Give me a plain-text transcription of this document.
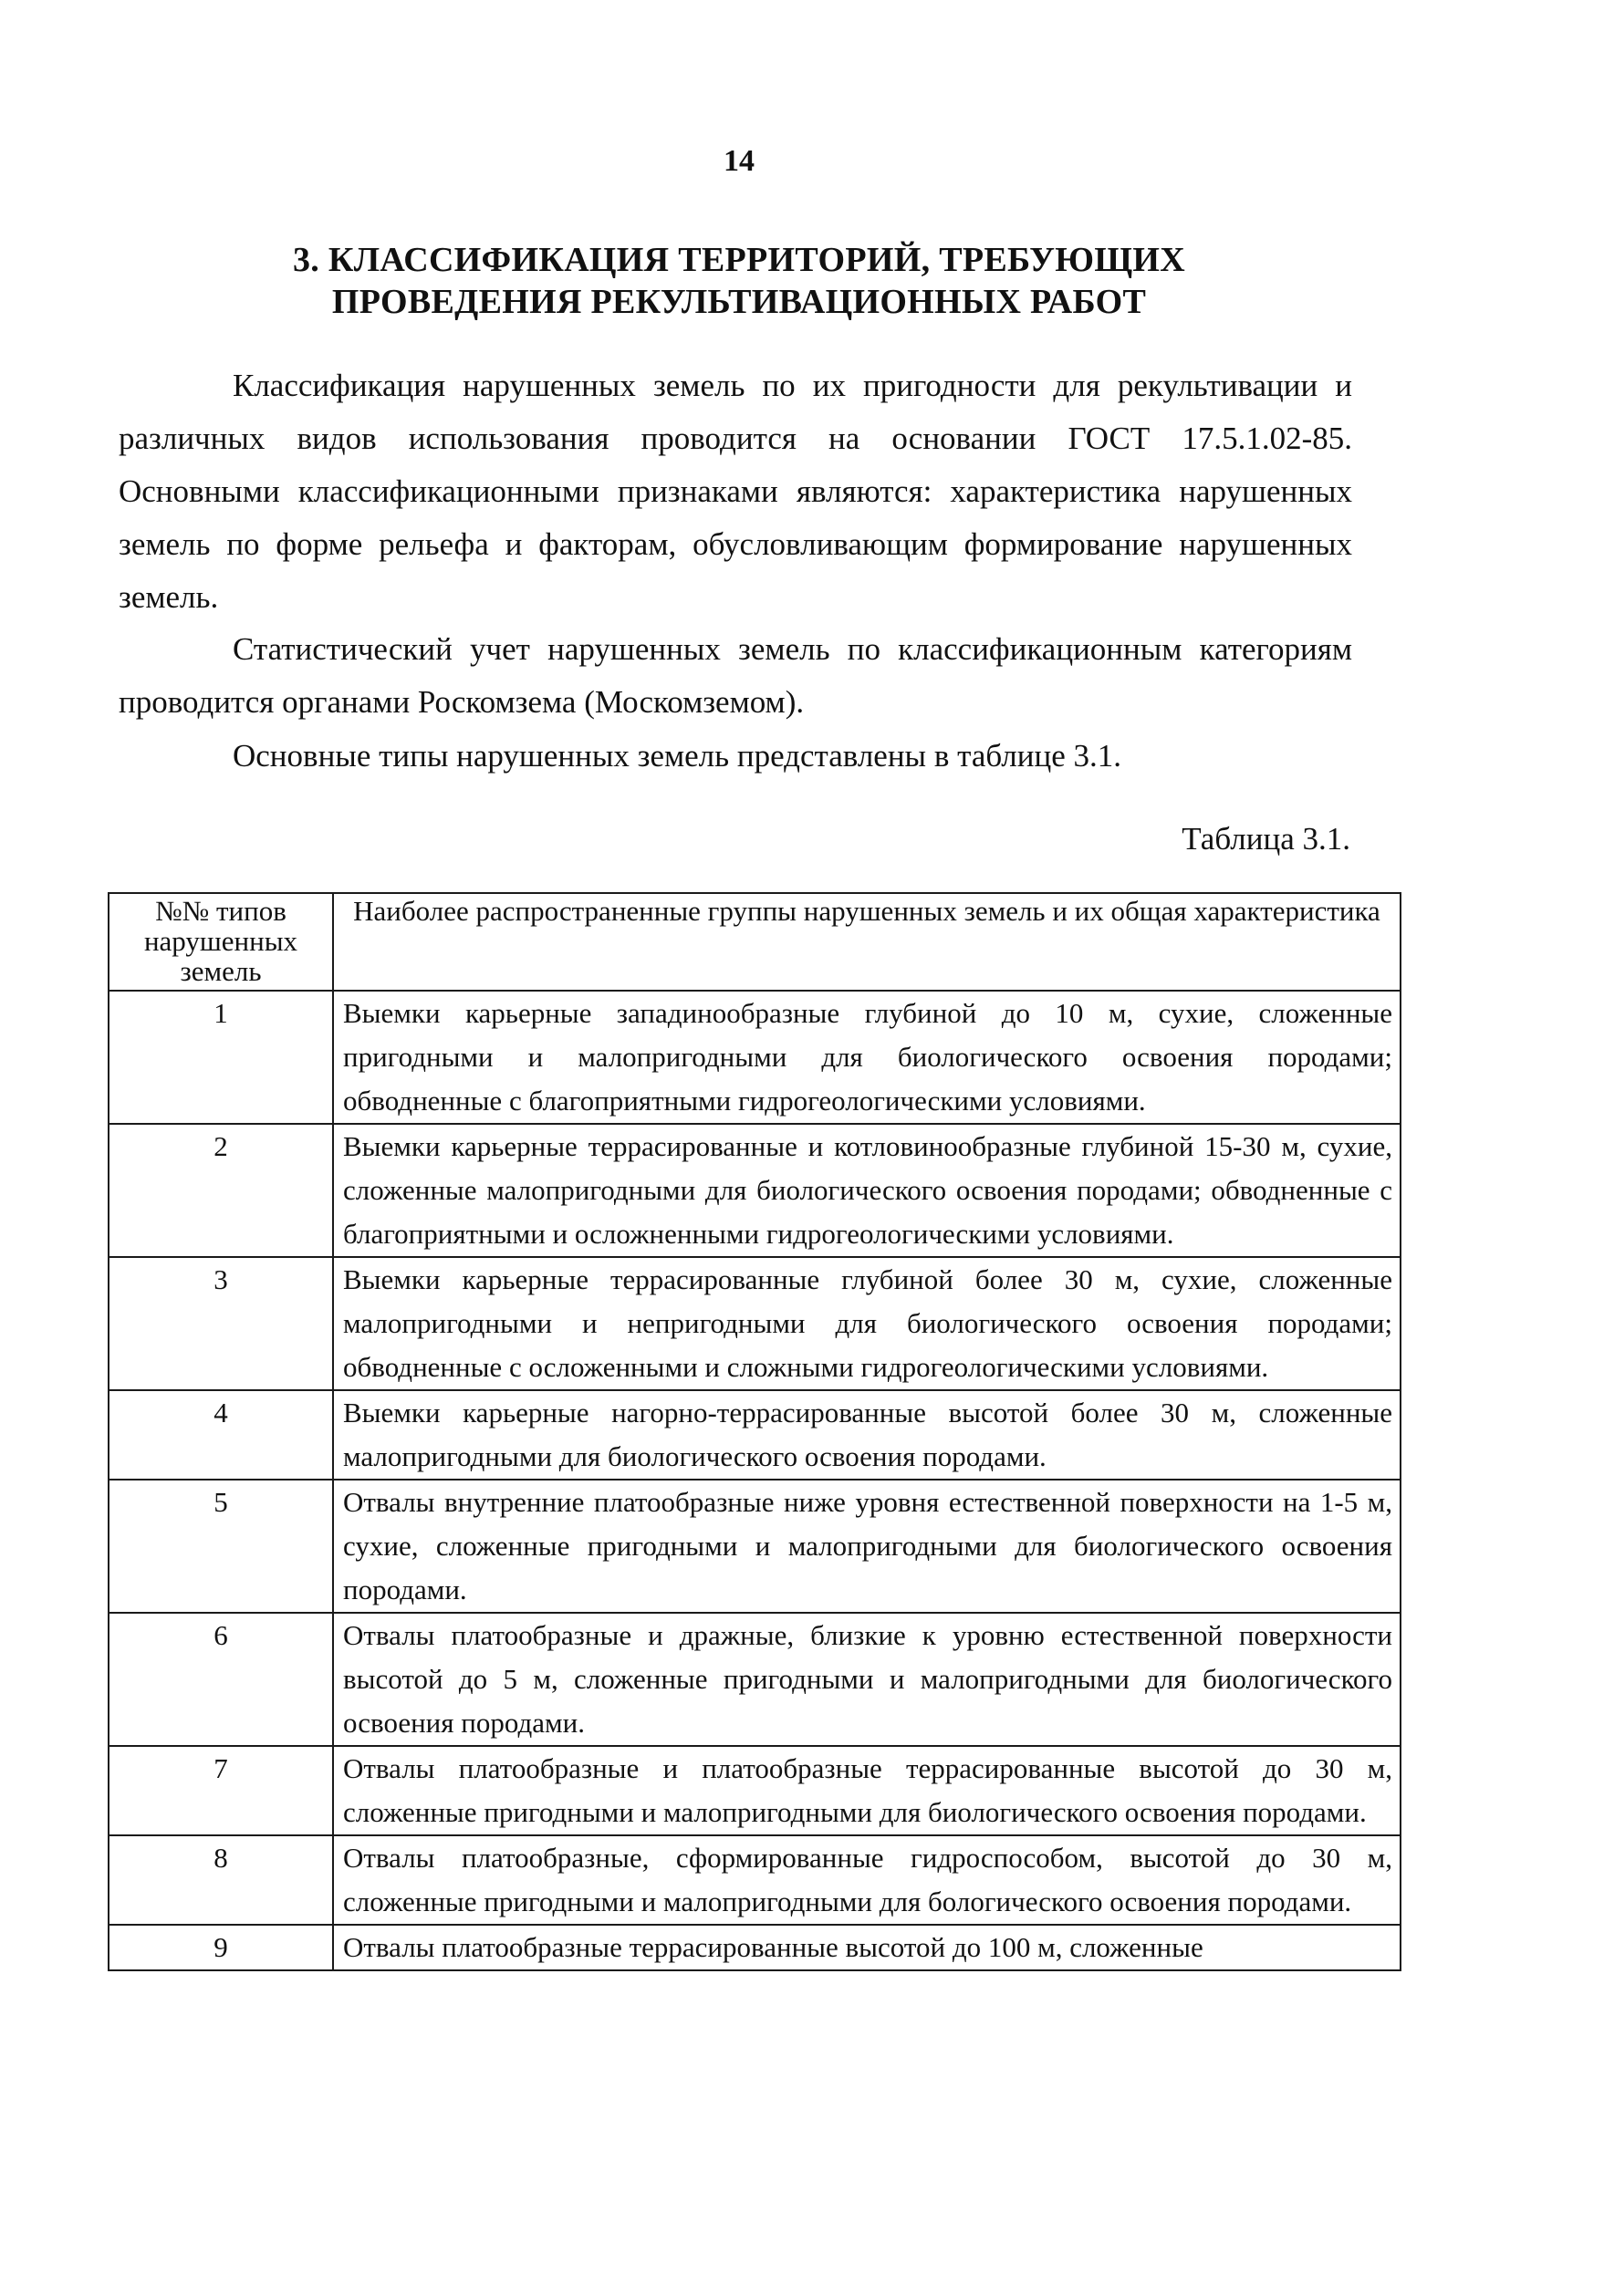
14
3. КЛАССИФИКАЦИЯ ТЕРРИТОРИЙ, ТРЕБУЮЩИХ
ПРОВЕДЕНИЯ РЕКУЛЬТИВАЦИОННЫХ РАБОТ

Классификация нарушенных земель по их пригодности для рекультивации и различных видов использования проводится на основании ГОСТ 17.5.1.02-85. Основными классификационными признаками являются: характеристика нарушенных земель по форме рельефа и факторам, обусловливающим формирование нарушенных земель.

Статистический учет нарушенных земель по классификационным категориям проводится органами Роскомзема (Москомземом).

Основные типы нарушенных земель представлены в таблице 3.1.

Таблица 3.1.
№№ типов нарушенных земель	Наиболее распространенные группы нарушенных земель и их общая характеристика
1	Выемки карьерные западинообразные глубиной до 10 м, сухие, сложенные пригодными и малопригодными для биологического освоения породами; обводненные с благоприятными гидрогеологическими условиями.
2	Выемки карьерные террасированные и котловинообразные глубиной 15-30 м, сухие, сложенные малопригодными для биологического освоения породами; обводненные с благоприятными и осложненными гидрогеологическими условиями.
3	Выемки карьерные террасированные глубиной более 30 м, сухие, сложенные малопригодными и непригодными для биологического освоения породами; обводненные с осложенными и сложными гидрогеологическими условиями.
4	Выемки карьерные нагорно-террасированные высотой более 30 м, сложенные малопригодными для биологического освоения породами.
5	Отвалы внутренние платообразные ниже уровня естественной поверхности на 1-5 м, сухие, сложенные пригодными и малопригодными для биологического освоения породами.
6	Отвалы платообразные и дражные, близкие к уровню естественной поверхности высотой до 5 м, сложенные пригодными и малопригодными для биологического освоения породами.
7	Отвалы платообразные и платообразные террасированные высотой до 30 м, сложенные пригодными и малопригодными для биологического освоения породами.
8	Отвалы платообразные, сформированные гидроспособом, высотой до 30 м, сложенные пригодными и малопригодными для бологического освоения породами.
9	Отвалы платообразные террасированные высотой до 100 м, сложенные
